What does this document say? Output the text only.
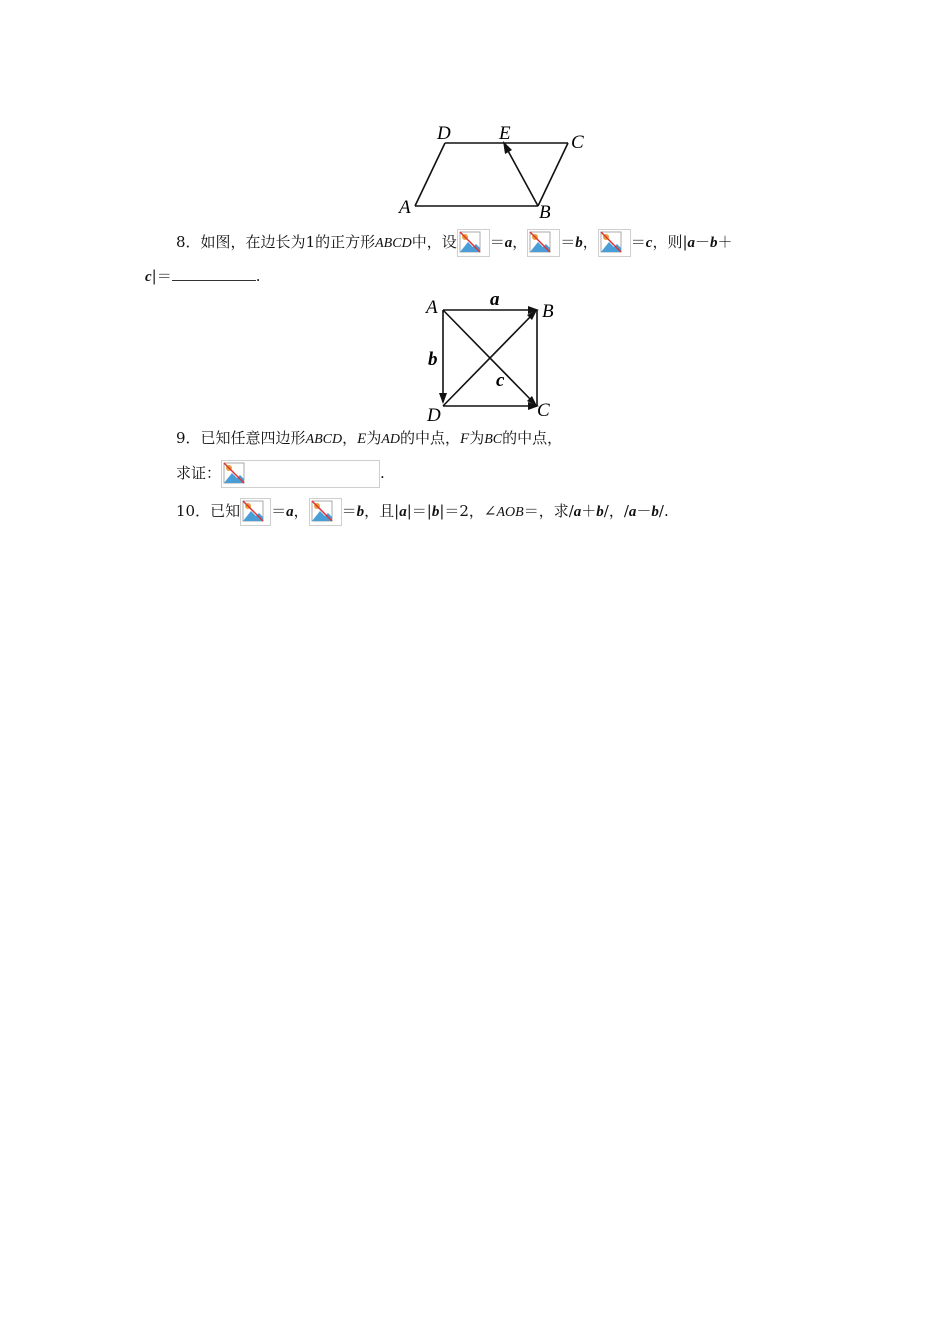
D	E	C
A	B
8．如图，在边长为1的正方形ABCD中，设 ＝a， ＝b， ＝c，则|a－b＋
c|＝	.
A	B
D	C
a
b
c
9．已知任意四边形ABCD，E为AD的中点，F为BC的中点，
求证：	.
10．已知 ＝a， ＝b，且|a|＝|b|＝2，∠AOB＝，求/a＋b/，/a－b/.
